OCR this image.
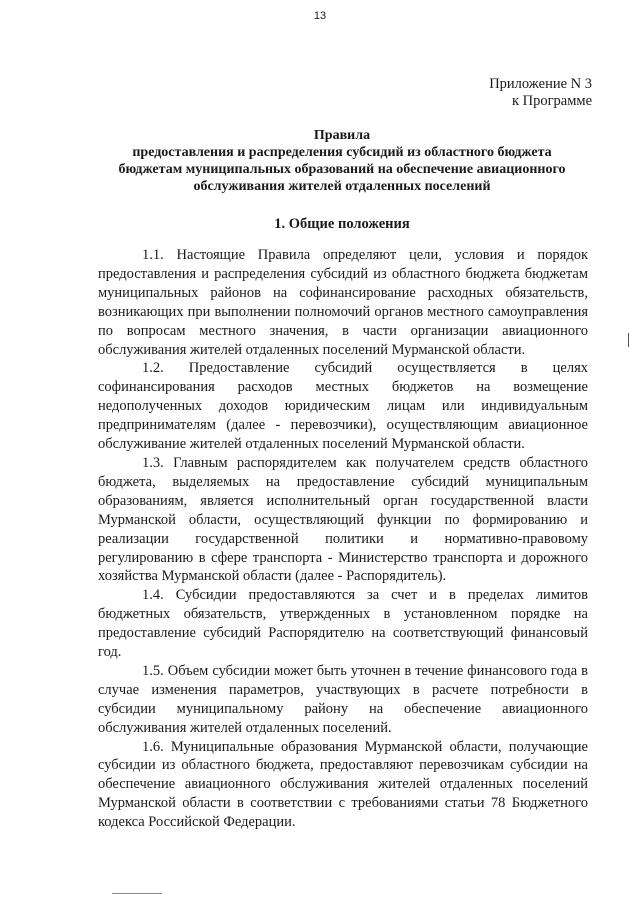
13
Приложение N 3
к Программе
Правила
предоставления и распределения субсидий из областного бюджета
бюджетам муниципальных образований на обеспечение авиационного
обслуживания жителей отдаленных поселений
1. Общие положения

1.1. Настоящие Правила определяют цели, условия и порядок предоставления и распределения субсидий из областного бюджета бюджетам муниципальных районов на софинансирование расходных обязательств, возникающих при выполнении полномочий органов местного самоуправления по вопросам местного значения, в части организации авиационного обслуживания жителей отдаленных поселений Мурманской области.

1.2. Предоставление субсидий осуществляется в целях софинансирования расходов местных бюджетов на возмещение недополученных доходов юридическим лицам или индивидуальным предпринимателям (далее - перевозчики), осуществляющим авиационное обслуживание жителей отдаленных поселений Мурманской области.

1.3. Главным распорядителем как получателем средств областного бюджета, выделяемых на предоставление субсидий муниципальным образованиям, является исполнительный орган государственной власти Мурманской области, осуществляющий функции по формированию и реализации государственной политики и нормативно-правовому регулированию в сфере транспорта - Министерство транспорта и дорожного хозяйства Мурманской области (далее - Распорядитель).

1.4. Субсидии предоставляются за счет и в пределах лимитов бюджетных обязательств, утвержденных в установленном порядке на предоставление субсидий Распорядителю на соответствующий финансовый год.

1.5. Объем субсидии может быть уточнен в течение финансового года в случае изменения параметров, участвующих в расчете потребности в субсидии муниципальному району на обеспечение авиационного обслуживания жителей отдаленных поселений.

1.6. Муниципальные образования Мурманской области, получающие субсидии из областного бюджета, предоставляют перевозчикам субсидии на обеспечение авиационного обслуживания жителей отдаленных поселений Мурманской области в соответствии с требованиями статьи 78 Бюджетного кодекса Российской Федерации.
